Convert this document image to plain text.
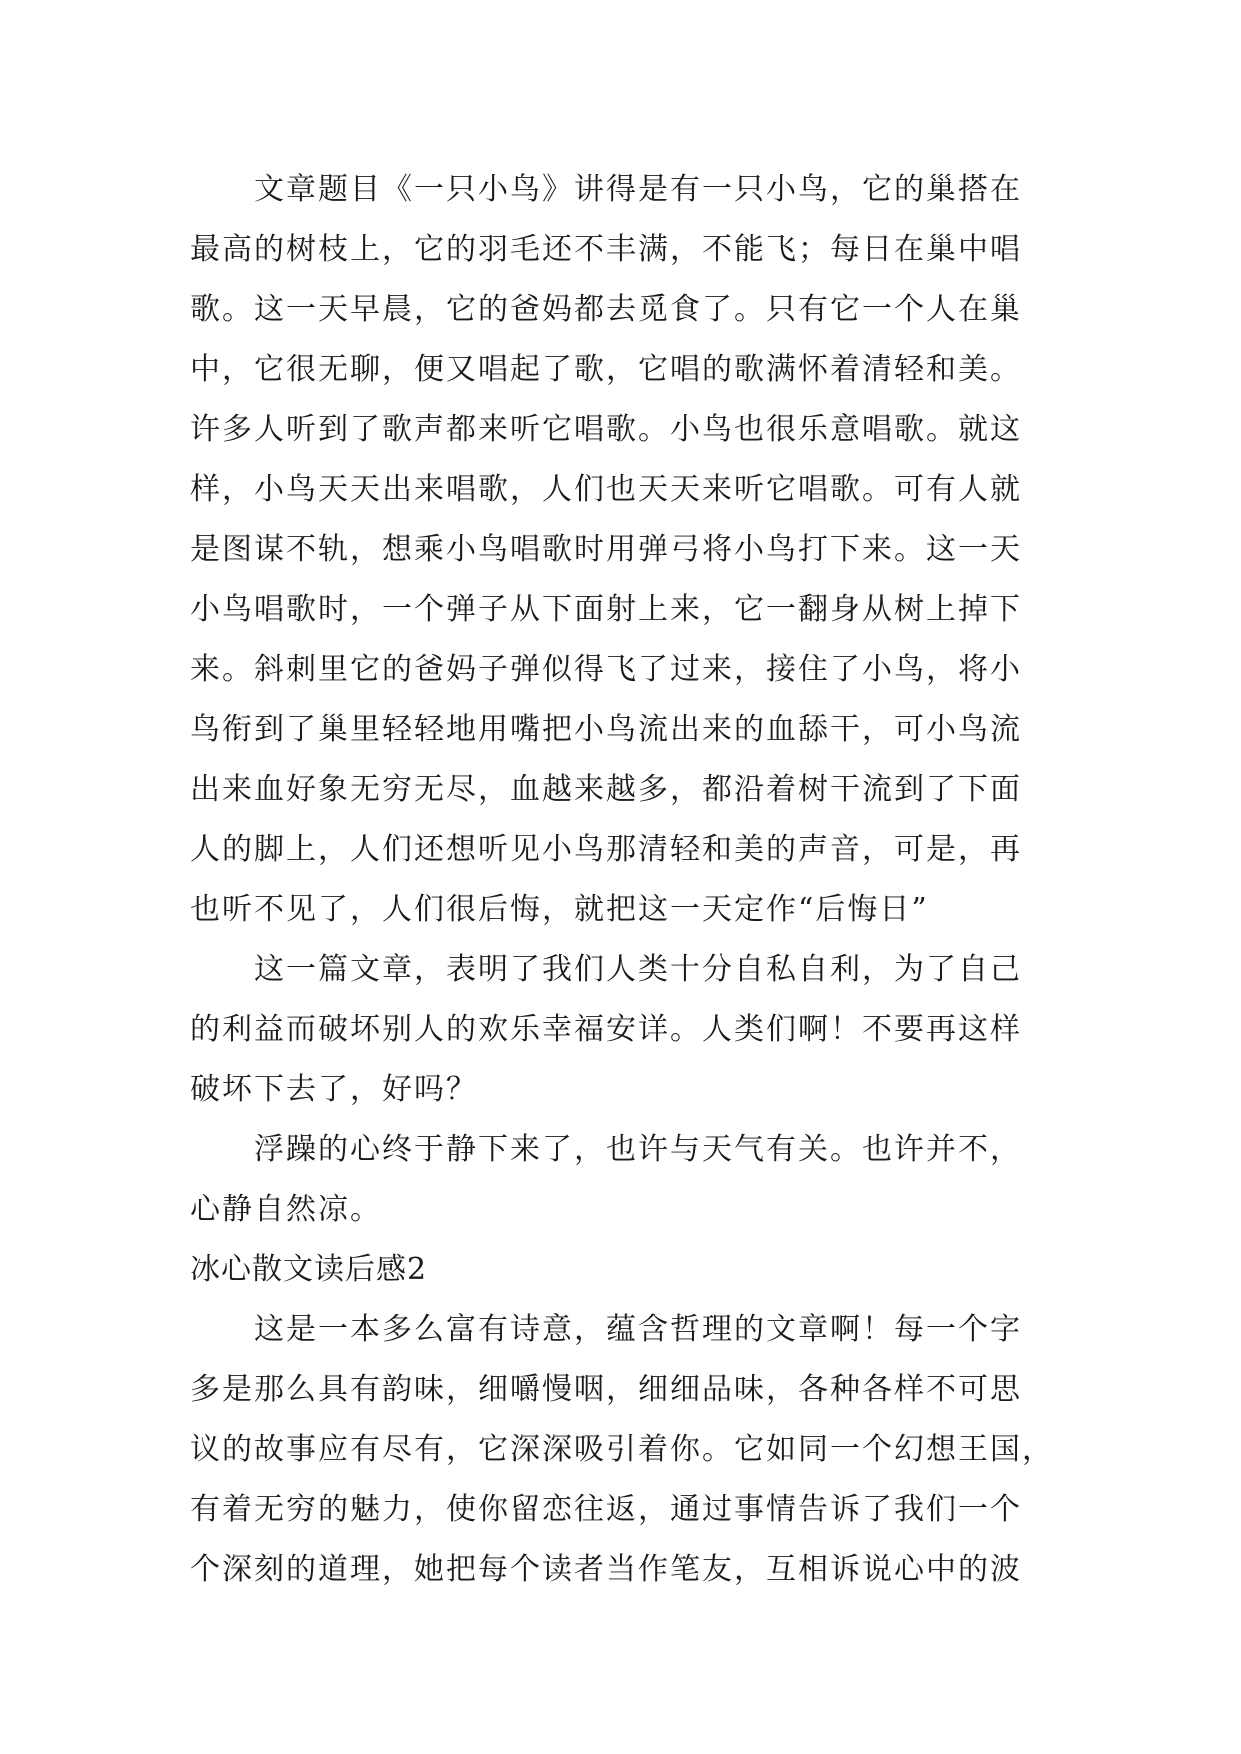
文章题目《一只小鸟》讲得是有一只小鸟，它的巢搭在
最高的树枝上，它的羽毛还不丰满，不能飞；每日在巢中唱
歌。这一天早晨，它的爸妈都去觅食了。只有它一个人在巢
中，它很无聊，便又唱起了歌，它唱的歌满怀着清轻和美。
许多人听到了歌声都来听它唱歌。小鸟也很乐意唱歌。就这
样，小鸟天天出来唱歌，人们也天天来听它唱歌。可有人就
是图谋不轨，想乘小鸟唱歌时用弹弓将小鸟打下来。这一天
小鸟唱歌时，一个弹子从下面射上来，它一翻身从树上掉下
来。斜刺里它的爸妈子弹似得飞了过来，接住了小鸟，将小
鸟衔到了巢里轻轻地用嘴把小鸟流出来的血舔干，可小鸟流
出来血好象无穷无尽，血越来越多，都沿着树干流到了下面
人的脚上，人们还想听见小鸟那清轻和美的声音，可是，再
也听不见了，人们很后悔，就把这一天定作“后悔日”
这一篇文章，表明了我们人类十分自私自利，为了自己
的利益而破坏别人的欢乐幸福安详。人类们啊！不要再这样
破坏下去了，好吗？
浮躁的心终于静下来了，也许与天气有关。也许并不，
心静自然凉。
冰心散文读后感2
这是一本多么富有诗意，蕴含哲理的文章啊！每一个字
多是那么具有韵味，细嚼慢咽，细细品味，各种各样不可思
议的故事应有尽有，它深深吸引着你。它如同一个幻想王国，
有着无穷的魅力，使你留恋往返，通过事情告诉了我们一个
个深刻的道理，她把每个读者当作笔友，互相诉说心中的波
